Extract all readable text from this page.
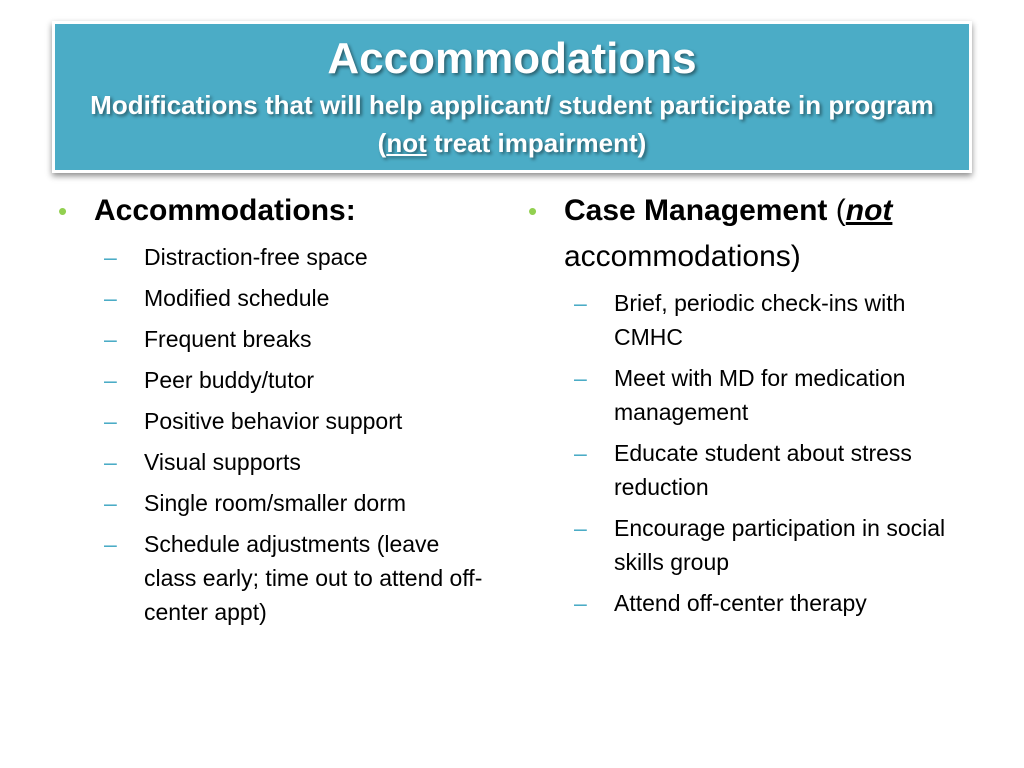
Accommodations
Modifications that will help applicant/ student participate in program (not treat impairment)
• Accommodations:
–	Distraction-free space
–	Modified schedule
–	Frequent breaks
–	Peer buddy/tutor
–	Positive behavior support
–	Visual supports
–	Single room/smaller dorm
–	Schedule adjustments (leave class early; time out to attend off-center appt)
• Case Management (not accommodations)
–	Brief, periodic check-ins with CMHC
–	Meet with MD for medication management
–	Educate student about stress reduction
–	Encourage participation in social skills group
–	Attend off-center therapy
